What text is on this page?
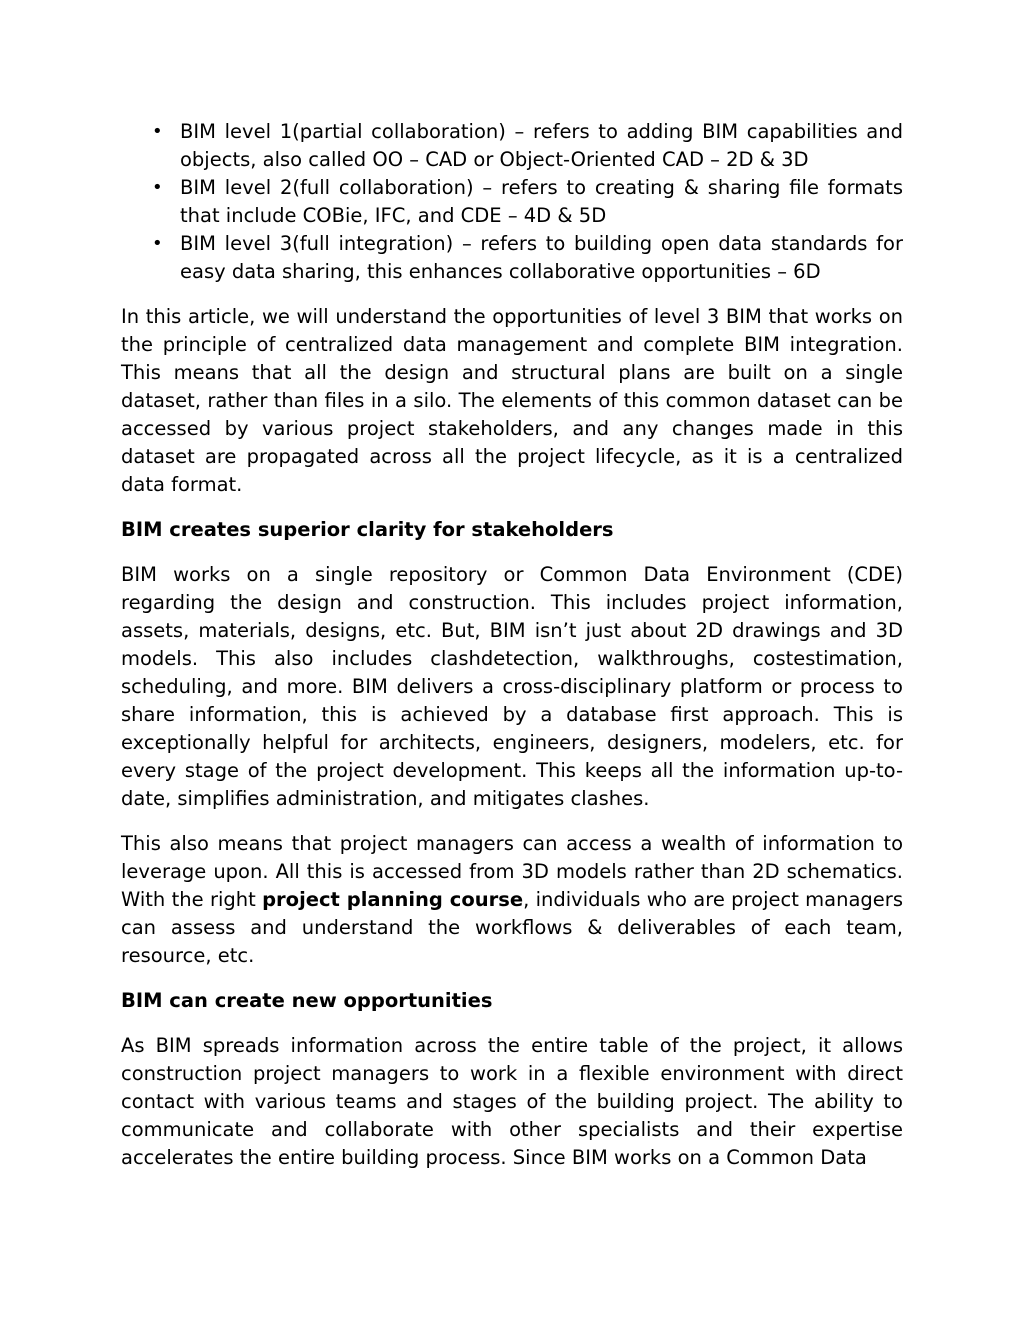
• BIM level 1(partial collaboration) – refers to adding BIM capabilities and objects, also called OO – CAD or Object-Oriented CAD – 2D & 3D
• BIM level 2(full collaboration) – refers to creating & sharing file formats that include COBie, IFC, and CDE – 4D & 5D
• BIM level 3(full integration) – refers to building open data standards for easy data sharing, this enhances collaborative opportunities – 6D

In this article, we will understand the opportunities of level 3 BIM that works on the principle of centralized data management and complete BIM integration. This means that all the design and structural plans are built on a single dataset, rather than files in a silo. The elements of this common dataset can be accessed by various project stakeholders, and any changes made in this dataset are propagated across all the project lifecycle, as it is a centralized data format.

BIM creates superior clarity for stakeholders

BIM works on a single repository or Common Data Environment (CDE) regarding the design and construction. This includes project information, assets, materials, designs, etc. But, BIM isn’t just about 2D drawings and 3D models. This also includes clashdetection, walkthroughs, costestimation, scheduling, and more. BIM delivers a cross-disciplinary platform or process to share information, this is achieved by a database first approach. This is exceptionally helpful for architects, engineers, designers, modelers, etc. for every stage of the project development. This keeps all the information up-to-date, simplifies administration, and mitigates clashes.

This also means that project managers can access a wealth of information to leverage upon. All this is accessed from 3D models rather than 2D schematics. With the right project planning course, individuals who are project managers can assess and understand the workflows & deliverables of each team, resource, etc.

BIM can create new opportunities

As BIM spreads information across the entire table of the project, it allows construction project managers to work in a flexible environment with direct contact with various teams and stages of the building project. The ability to communicate and collaborate with other specialists and their expertise accelerates the entire building process. Since BIM works on a Common Data
